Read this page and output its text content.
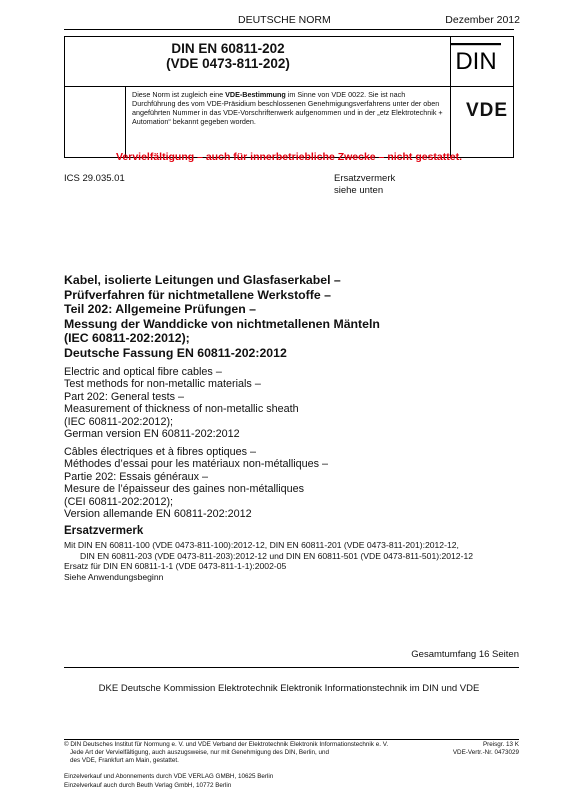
DEUTSCHE NORM	Dezember 2012
DIN EN 60811-202
(VDE 0473-811-202)	DIN
Diese Norm ist zugleich eine VDE-Bestimmung im Sinne von VDE 0022. Sie ist nach Durchführung des vom VDE-Präsidium beschlossenen Genehmigungsverfahrens unter der oben angeführten Nummer in das VDE-Vorschriftenwerk aufgenommen und in der „etz Elektrotechnik + Automation“ bekannt gegeben worden.
VDE
Vervielfältigung – auch für innerbetriebliche Zwecke – nicht gestattet.
ICS 29.035.01	Ersatzvermerk
siehe unten
Kabel, isolierte Leitungen und Glasfaserkabel –
Prüfverfahren für nichtmetallene Werkstoffe –
Teil 202: Allgemeine Prüfungen –
Messung der Wanddicke von nichtmetallenen Mänteln
(IEC 60811-202:2012);
Deutsche Fassung EN 60811-202:2012
Electric and optical fibre cables –
Test methods for non-metallic materials –
Part 202: General tests –
Measurement of thickness of non-metallic sheath
(IEC 60811-202:2012);
German version EN 60811-202:2012
Câbles électriques et à fibres optiques –
Méthodes d’essai pour les matériaux non-métalliques –
Partie 202: Essais généraux –
Mesure de l’épaisseur des gaines non-métalliques
(CEI 60811-202:2012);
Version allemande EN 60811-202:2012
Ersatzvermerk
Mit DIN EN 60811-100 (VDE 0473-811-100):2012-12, DIN EN 60811-201 (VDE 0473-811-201):2012-12,
DIN EN 60811-203 (VDE 0473-811-203):2012-12 und DIN EN 60811-501 (VDE 0473-811-501):2012-12
Ersatz für DIN EN 60811-1-1 (VDE 0473-811-1-1):2002-05
Siehe Anwendungsbeginn
Gesamtumfang 16 Seiten
DKE Deutsche Kommission Elektrotechnik Elektronik Informationstechnik im DIN und VDE
© DIN Deutsches Institut für Normung e. V. und VDE Verband der Elektrotechnik Elektronik Informationstechnik e. V.
Jede Art der Vervielfältigung, auch auszugsweise, nur mit Genehmigung des DIN, Berlin, und
des VDE, Frankfurt am Main, gestattet.
Preisgr. 13 K
VDE-Vertr.-Nr. 0473029
Einzelverkauf und Abonnements durch VDE VERLAG GMBH, 10625 Berlin
Einzelverkauf auch durch Beuth Verlag GmbH, 10772 Berlin
